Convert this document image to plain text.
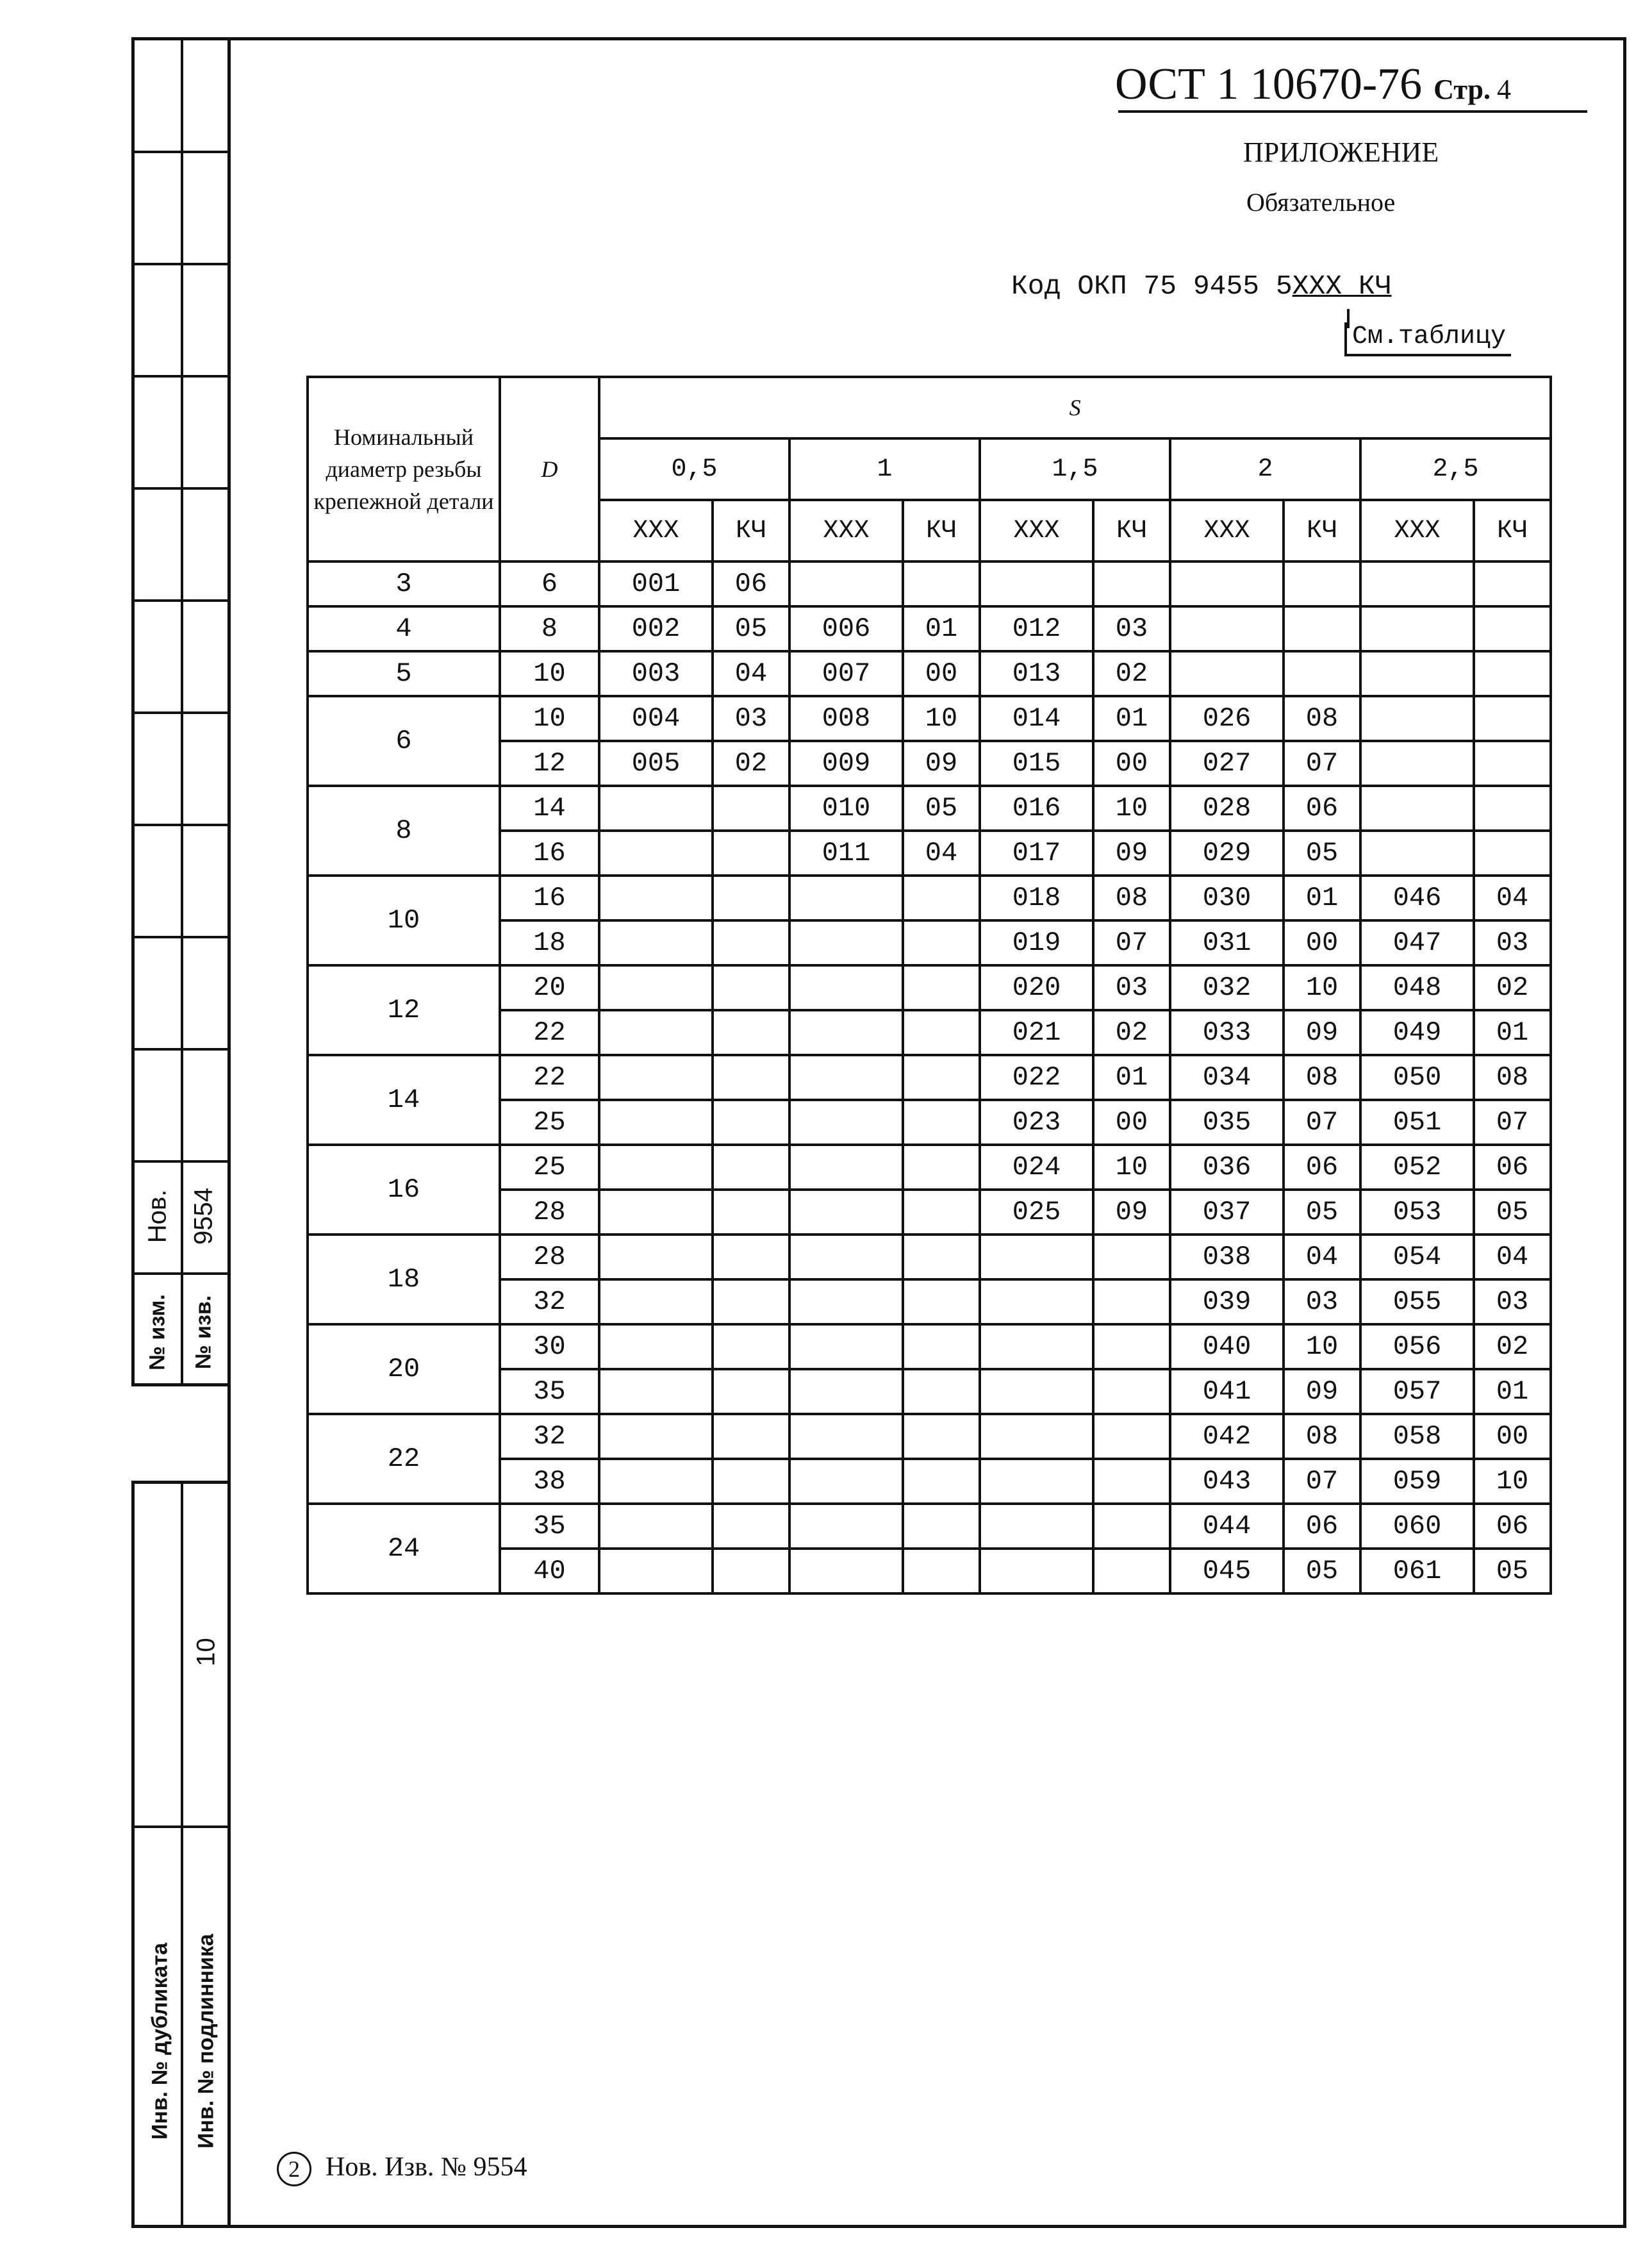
Нов. 9554
№ изм. № изв.
10
Инв. № дубликата Инв. № подлинника
ОСТ 1 10670-76 Стр. 4
ПРИЛОЖЕНИЕ
Обязательное
Код ОКП 75 9455 5XXX КЧ
См.таблицу
Номинальный диаметр резьбы крепежной детали	D	S									
		0,5		1		1,5		2		2,5	
		XXX	КЧ	XXX	КЧ	XXX	КЧ	XXX	КЧ	XXX	КЧ
3	6	001	06								
4	8	002	05	006	01	012	03				
5	10	003	04	007	00	013	02				
6	10	004	03	008	10	014	01	026	08		
	12	005	02	009	09	015	00	027	07		
8	14			010	05	016	10	028	06		
	16			011	04	017	09	029	05		
10	16					018	08	030	01	046	04
	18					019	07	031	00	047	03
12	20					020	03	032	10	048	02
	22					021	02	033	09	049	01
14	22					022	01	034	08	050	08
	25					023	00	035	07	051	07
16	25					024	10	036	06	052	06
	28					025	09	037	05	053	05
18	28							038	04	054	04
	32							039	03	055	03
20	30							040	10	056	02
	35							041	09	057	01
22	32							042	08	058	00
	38							043	07	059	10
24	35							044	06	060	06
	40							045	05	061	05
2 Нов. Изв. № 9554
